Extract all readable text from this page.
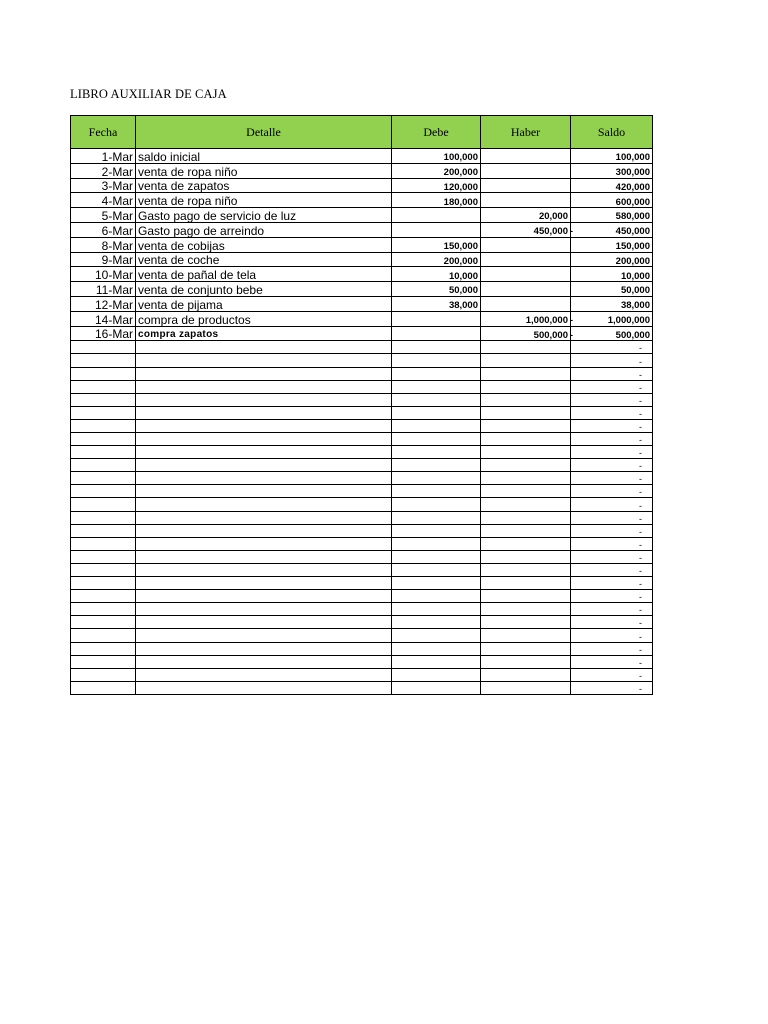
LIBRO AUXILIAR DE CAJA
Fecha	Detalle	Debe	Haber	Saldo
1-Mar	saldo inicial	100,000		100,000
2-Mar	venta de ropa niño	200,000		300,000
3-Mar	venta de zapatos	120,000		420,000
4-Mar	venta de ropa niño	180,000		600,000
5-Mar	Gasto pago de servicio de luz		20,000	580,000
6-Mar	Gasto pago de arreindo		450,000 -	450,000
8-Mar	venta de cobijas	150,000		150,000
9-Mar	venta de coche	200,000		200,000
10-Mar	venta de pañal de tela	10,000		10,000
11-Mar	venta de conjunto bebe	50,000		50,000
12-Mar	venta de pijama	38,000		38,000
14-Mar	compra de productos		1,000,000 -	1,000,000
16-Mar	compra zapatos		500,000 -	500,000
				-
				-
				-
				-
				-
				-
				-
				-
				-
				-
				-
				-
				-
				-
				-
				-
				-
				-
				-
				-
				-
				-
				-
				-
				-
				-
				-
